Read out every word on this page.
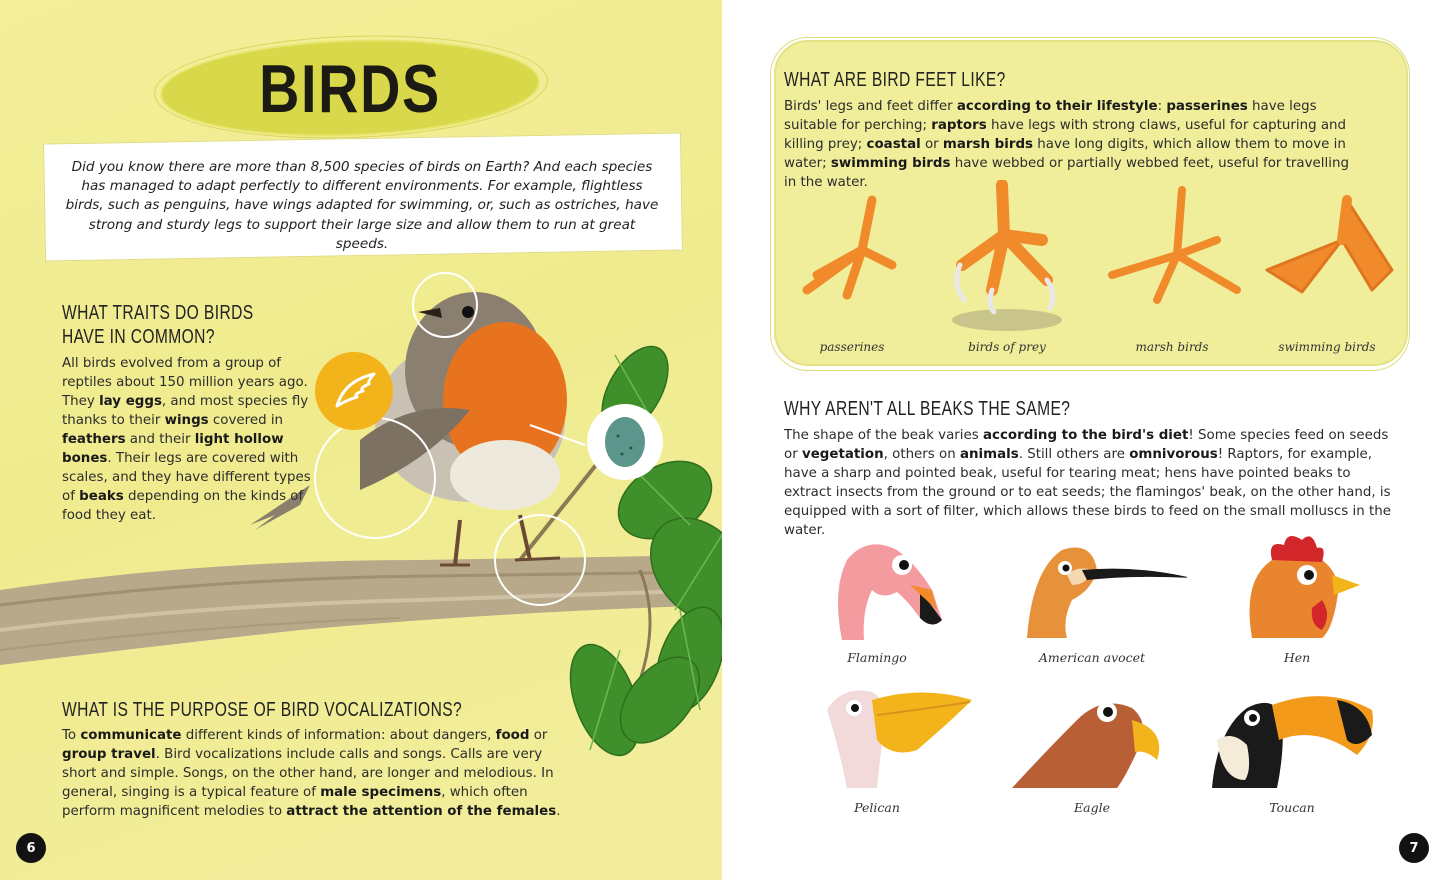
BIRDS
Did you know there are more than 8,500 species of birds on Earth? And each species has managed to adapt perfectly to different environments. For example, flightless birds, such as penguins, have wings adapted for swimming, or, such as ostriches, have strong and sturdy legs to support their large size and allow them to run at great speeds.
WHAT TRAITS DO BIRDS
HAVE IN COMMON?

All birds evolved from a group of reptiles about 150 million years ago. They lay eggs, and most species fly thanks to their wings covered in feathers and their light hollow bones. Their legs are covered with scales, and they have different types of beaks depending on the kinds of food they eat.

WHAT IS THE PURPOSE OF BIRD VOCALIZATIONS?

To communicate different kinds of information: about dangers, food or group travel. Bird vocalizations include calls and songs. Calls are very short and simple. Songs, on the other hand, are longer and melodious. In general, singing is a typical feature of male specimens, which often perform magnificent melodies to attract the attention of the females.

6
WHAT ARE BIRD FEET LIKE?

Birds' legs and feet differ according to their lifestyle: passerines have legs suitable for perching; raptors have legs with strong claws, useful for capturing and killing prey; coastal or marsh birds have long digits, which allow them to move in water; swimming birds have webbed or partially webbed feet, useful for travelling in the water.

passerines	birds of prey	marsh birds	swimming birds
WHY AREN'T ALL BEAKS THE SAME?

The shape of the beak varies according to the bird's diet! Some species feed on seeds or vegetation, others on animals. Still others are omnivorous! Raptors, for example, have a sharp and pointed beak, useful for tearing meat; hens have pointed beaks to extract insects from the ground or to eat seeds; the flamingos' beak, on the other hand, is equipped with a sort of filter, which allows these birds to feed on the small molluscs in the water.

Flamingo	American avocet	Hen
Pelican	Eagle	Toucan
7
